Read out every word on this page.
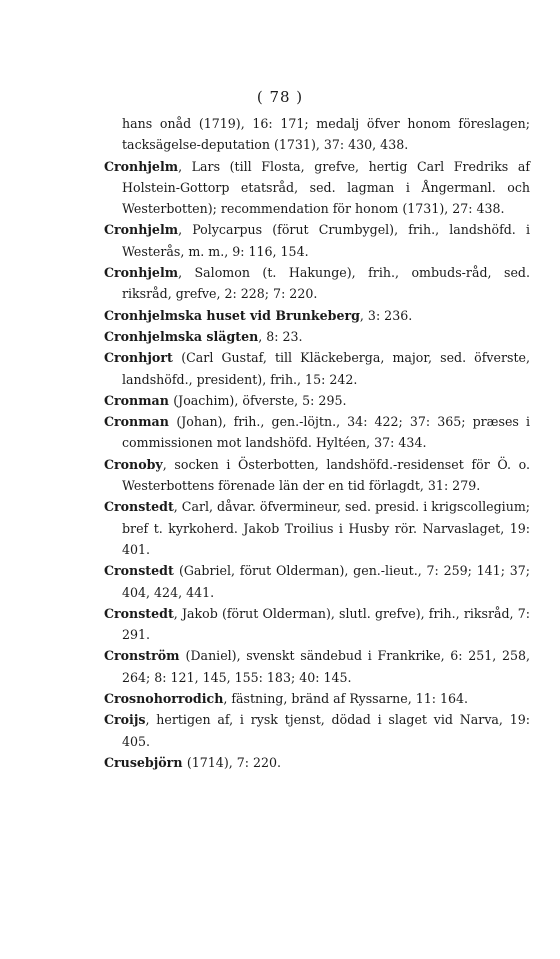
( 78 )

hans onåd (1719), 16: 171; medalj öfver honom föreslagen; tacksägelse-deputation (1731), 37: 430, 438.

Cronhjelm, Lars (till Flosta, grefve, hertig Carl Fredriks af Holstein-Gottorp etatsråd, sed. lagman i Ångermanl. och Westerbotten); recommendation för honom (1731), 27: 438.

Cronhjelm, Polycarpus (förut Crumbygel), frih., landshöfd. i Westerås, m. m., 9: 116, 154.

Cronhjelm, Salomon (t. Hakunge), frih., ombuds-råd, sed. riksråd, grefve, 2: 228; 7: 220.

Cronhjelmska huset vid Brunkeberg, 3: 236.

Cronhjelmska slägten, 8: 23.

Cronhjort (Carl Gustaf, till Kläckeberga, major, sed. öfverste, landshöfd., president), frih., 15: 242.

Cronman (Joachim), öfverste, 5: 295.

Cronman (Johan), frih., gen.-löjtn., 34: 422; 37: 365; præses i commissionen mot landshöfd. Hyltéen, 37: 434.

Cronoby, socken i Österbotten, landshöfd.-residenset för Ö. o. Westerbottens förenade län der en tid förlagdt, 31: 279.

Cronstedt, Carl, dåvar. öfvermineur, sed. presid. i krigscollegium; bref t. kyrkoherd. Jakob Troilius i Husby rör. Narvaslaget, 19: 401.

Cronstedt (Gabriel, förut Olderman), gen.-lieut., 7: 259; 141; 37; 404, 424, 441.

Cronstedt, Jakob (förut Olderman), slutl. grefve), frih., riksråd, 7: 291.

Cronström (Daniel), svenskt sändebud i Frankrike, 6: 251, 258, 264; 8: 121, 145, 155: 183; 40: 145.

Crosnohorrodich, fästning, bränd af Ryssarne, 11: 164.

Croijs, hertigen af, i rysk tjenst, dödad i slaget vid Narva, 19: 405.

Crusebjörn (1714), 7: 220.
